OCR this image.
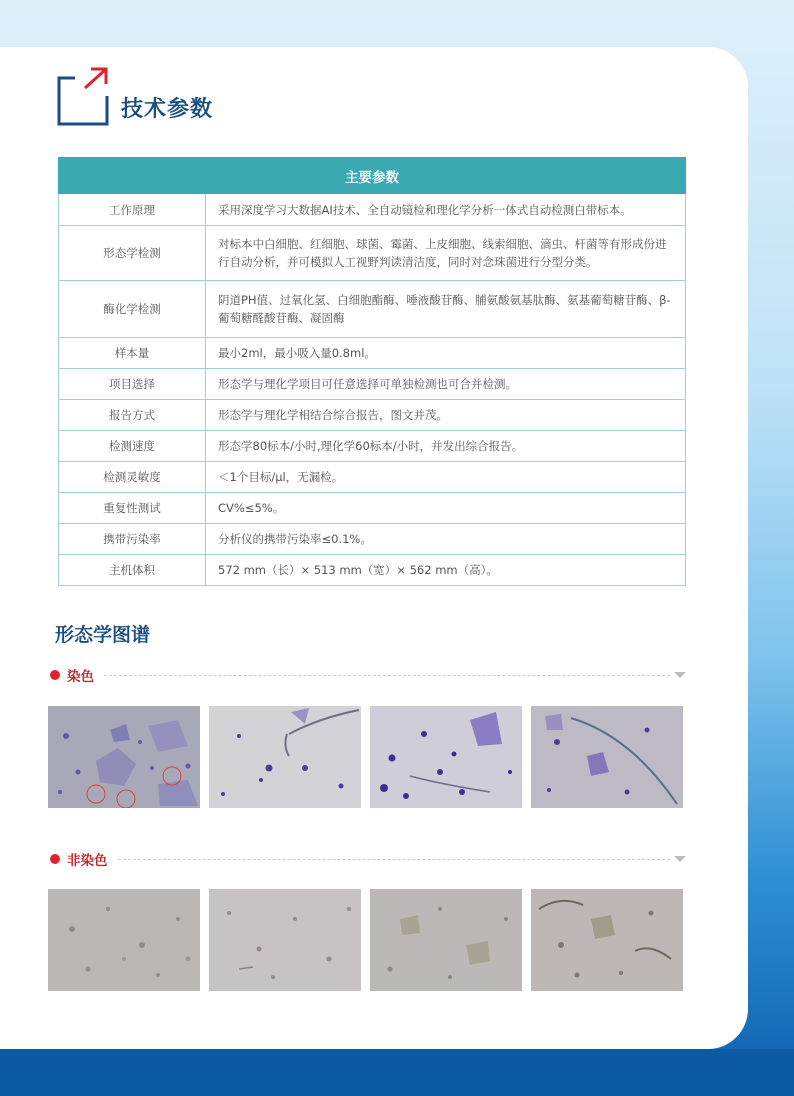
技术参数
主要参数	
工作原理	采用深度学习大数据AI技术、全自动镜检和理化学分析一体式自动检测白带标本。
形态学检测	对标本中白细胞、红细胞、球菌、霉菌、上皮细胞、线索细胞、滴虫、杆菌等有形成份进行自动分析，并可模拟人工视野判读清洁度，同时对念珠菌进行分型分类。
酶化学检测	阴道PH值、过氧化氢、白细胞酯酶、唾液酸苷酶、脯氨酸氨基肽酶、氨基葡萄糖苷酶、β-葡萄糖醛酸苷酶、凝固酶
样本量	最小2ml，最小吸入量0.8ml。
项目选择	形态学与理化学项目可任意选择可单独检测也可合并检测。
报告方式	形态学与理化学相结合综合报告，图文并茂。
检测速度	形态学80标本/小时,理化学60标本/小时，并发出综合报告。
检测灵敏度	＜1个目标/μl，无漏检。
重复性测试	CV%≤5%。
携带污染率	分析仪的携带污染率≤0.1%。
主机体积	572 mm（长）× 513 mm（宽）× 562 mm（高）。
形态学图谱
染色
非染色
